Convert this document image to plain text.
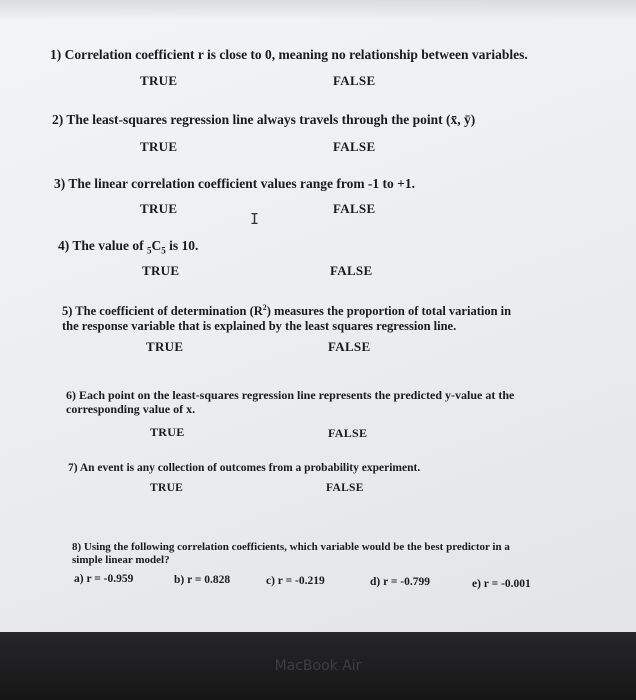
1) Correlation coefficient r is close to 0, meaning no relationship between variables.
TRUE	FALSE
2) The least-squares regression line always travels through the point (x̄, ȳ)
TRUE	FALSE
3) The linear correlation coefficient values range from -1 to +1.
TRUE	FALSE
I
4) The value of $_5C_5$ is 10.
TRUE	FALSE
5) The coefficient of determination $(R^2)$ measures the proportion of total variation in the response variable that is explained by the least squares regression line.
TRUE	FALSE
6) Each point on the least-squares regression line represents the predicted y-value at the corresponding value of x.
TRUE	FALSE
7) An event is any collection of outcomes from a probability experiment.
TRUE	FALSE
8) Using the following correlation coefficients, which variable would be the best predictor in a simple linear model?
a) r = -0.959	b) r = 0.828	c) r = -0.219	d) r = -0.799	e) r = -0.001
MacBook Air
